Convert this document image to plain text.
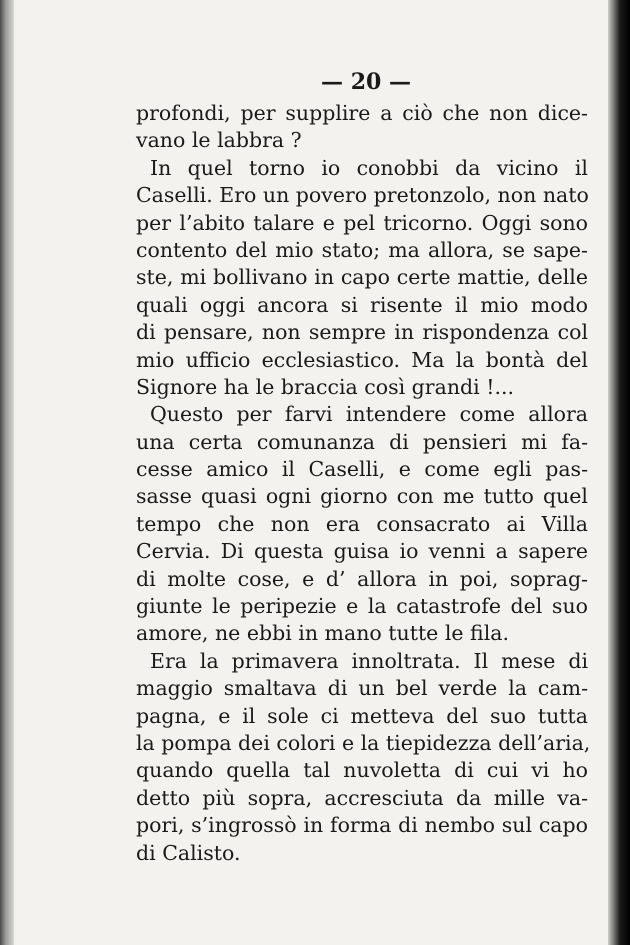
— 20 —
profondi, per supplire a ciò che non dice-
vano le labbra ?
In quel torno io conobbi da vicino il
Caselli. Ero un povero pretonzolo, non nato
per l’abito talare e pel tricorno. Oggi sono
contento del mio stato; ma allora, se sape-
ste, mi bollivano in capo certe mattie, delle
quali oggi ancora si risente il mio modo
di pensare, non sempre in rispondenza col
mio ufficio ecclesiastico. Ma la bontà del
Signore ha le braccia così grandi !...
Questo per farvi intendere come allora
una certa comunanza di pensieri mi fa-
cesse amico il Caselli, e come egli pas-
sasse quasi ogni giorno con me tutto quel
tempo che non era consacrato ai Villa
Cervia. Di questa guisa io venni a sapere
di molte cose, e d’ allora in poi, soprag-
giunte le peripezie e la catastrofe del suo
amore, ne ebbi in mano tutte le fila.
Era la primavera innoltrata. Il mese di
maggio smaltava di un bel verde la cam-
pagna, e il sole ci metteva del suo tutta
la pompa dei colori e la tiepidezza dell’aria,
quando quella tal nuvoletta di cui vi ho
detto più sopra, accresciuta da mille va-
pori, s’ingrossò in forma di nembo sul capo
di Calisto.
